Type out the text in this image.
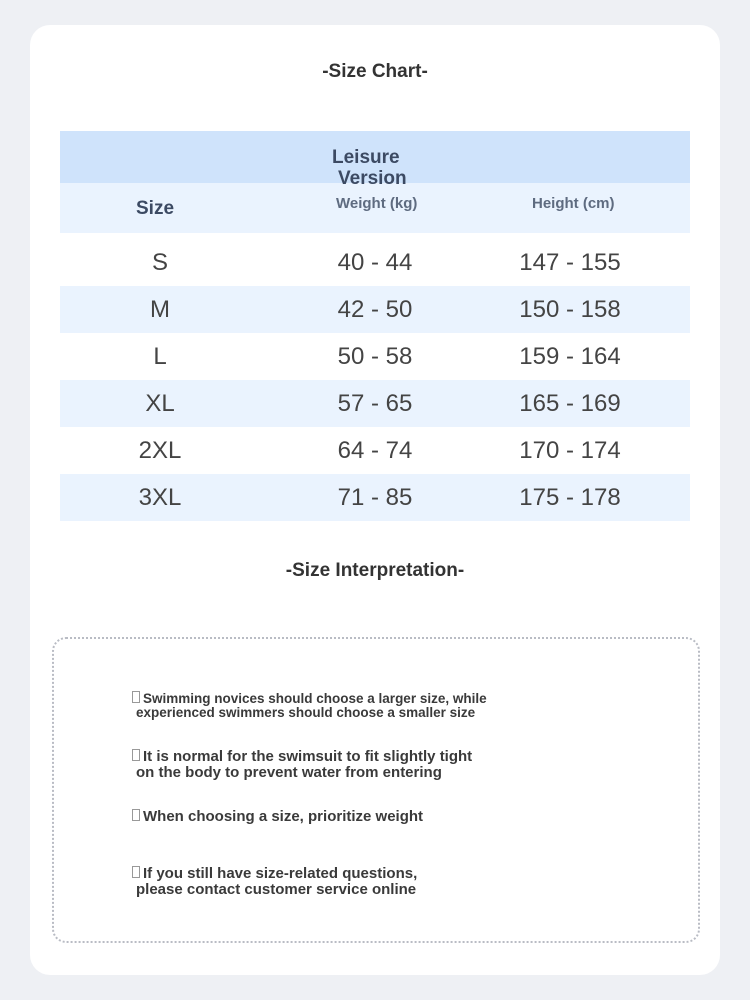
-Size Chart-
Leisure
Version
Size	Weight (kg)	Height (cm)
S	40 - 44	147 - 155
M	42 - 50	150 - 158
L	50 - 58	159 - 164
XL	57 - 65	165 - 169
2XL	64 - 74	170 - 174
3XL	71 - 85	175 - 178
-Size Interpretation-
Swimming novices should choose a larger size, while
experienced swimmers should choose a smaller size
It is normal for the swimsuit to fit slightly tight
on the body to prevent water from entering
When choosing a size, prioritize weight
If you still have size-related questions,
please contact customer service online
